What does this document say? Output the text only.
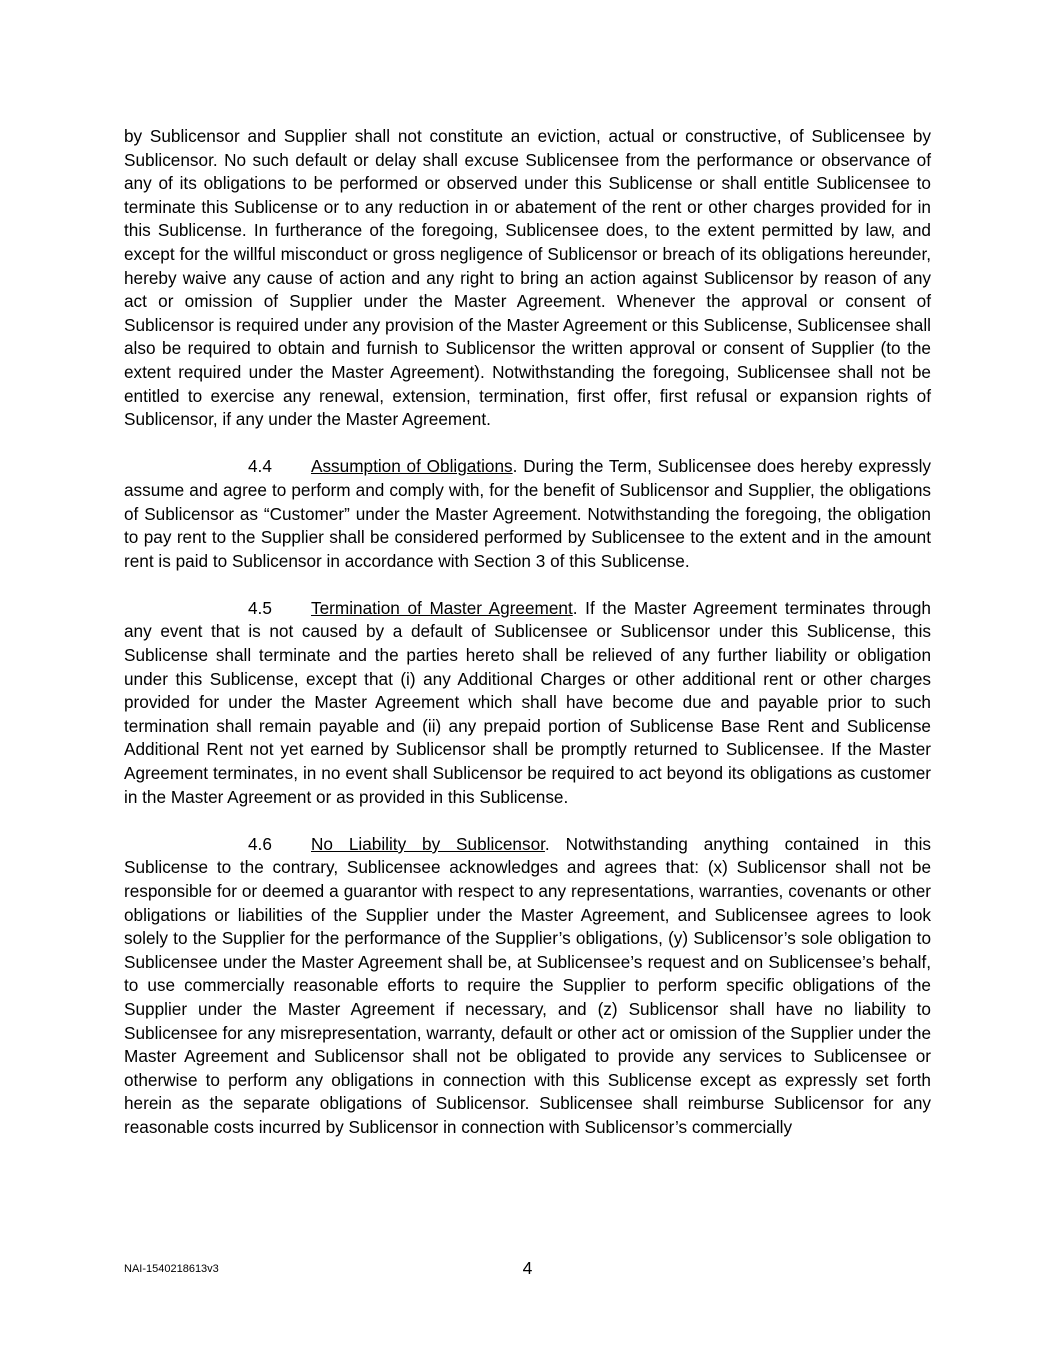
by Sublicensor and Supplier shall not constitute an eviction, actual or constructive, of Sublicensee by Sublicensor. No such default or delay shall excuse Sublicensee from the performance or observance of any of its obligations to be performed or observed under this Sublicense or shall entitle Sublicensee to terminate this Sublicense or to any reduction in or abatement of the rent or other charges provided for in this Sublicense. In furtherance of the foregoing, Sublicensee does, to the extent permitted by law, and except for the willful misconduct or gross negligence of Sublicensor or breach of its obligations hereunder, hereby waive any cause of action and any right to bring an action against Sublicensor by reason of any act or omission of Supplier under the Master Agreement. Whenever the approval or consent of Sublicensor is required under any provision of the Master Agreement or this Sublicense, Sublicensee shall also be required to obtain and furnish to Sublicensor the written approval or consent of Supplier (to the extent required under the Master Agreement). Notwithstanding the foregoing, Sublicensee shall not be entitled to exercise any renewal, extension, termination, first offer, first refusal or expansion rights of Sublicensor, if any under the Master Agreement.

4.4 Assumption of Obligations. During the Term, Sublicensee does hereby expressly assume and agree to perform and comply with, for the benefit of Sublicensor and Supplier, the obligations of Sublicensor as “Customer” under the Master Agreement. Notwithstanding the foregoing, the obligation to pay rent to the Supplier shall be considered performed by Sublicensee to the extent and in the amount rent is paid to Sublicensor in accordance with Section 3 of this Sublicense.

4.5 Termination of Master Agreement. If the Master Agreement terminates through any event that is not caused by a default of Sublicensee or Sublicensor under this Sublicense, this Sublicense shall terminate and the parties hereto shall be relieved of any further liability or obligation under this Sublicense, except that (i) any Additional Charges or other additional rent or other charges provided for under the Master Agreement which shall have become due and payable prior to such termination shall remain payable and (ii) any prepaid portion of Sublicense Base Rent and Sublicense Additional Rent not yet earned by Sublicensor shall be promptly returned to Sublicensee. If the Master Agreement terminates, in no event shall Sublicensor be required to act beyond its obligations as customer in the Master Agreement or as provided in this Sublicense.

4.6 No Liability by Sublicensor. Notwithstanding anything contained in this Sublicense to the contrary, Sublicensee acknowledges and agrees that: (x) Sublicensor shall not be responsible for or deemed a guarantor with respect to any representations, warranties, covenants or other obligations or liabilities of the Supplier under the Master Agreement, and Sublicensee agrees to look solely to the Supplier for the performance of the Supplier’s obligations, (y) Sublicensor’s sole obligation to Sublicensee under the Master Agreement shall be, at Sublicensee’s request and on Sublicensee’s behalf, to use commercially reasonable efforts to require the Supplier to perform specific obligations of the Supplier under the Master Agreement if necessary, and (z) Sublicensor shall have no liability to Sublicensee for any misrepresentation, warranty, default or other act or omission of the Supplier under the Master Agreement and Sublicensor shall not be obligated to provide any services to Sublicensee or otherwise to perform any obligations in connection with this Sublicense except as expressly set forth herein as the separate obligations of Sublicensor. Sublicensee shall reimburse Sublicensor for any reasonable costs incurred by Sublicensor in connection with Sublicensor’s commercially

NAI-1540218613v3	4
